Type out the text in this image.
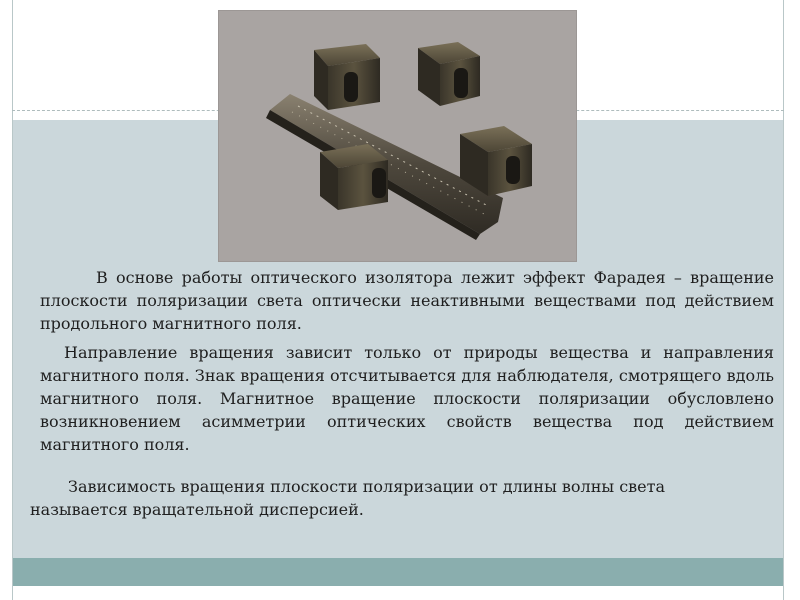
В основе работы оптического изолятора лежит эффект Фарадея – вращение плоскости поляризации света оптически неактивными веществами под действием продольного магнитного поля.

Направление вращения зависит только от природы вещества и направления магнитного поля. Знак вращения отсчитывается для наблюдателя, смотрящего вдоль магнитного поля. Магнитное вращение плоскости поляризации обусловлено возникновением асимметрии оптических свойств вещества под действием магнитного поля.

Зависимость вращения плоскости поляризации от длины волны света
называется вращательной дисперсией.
